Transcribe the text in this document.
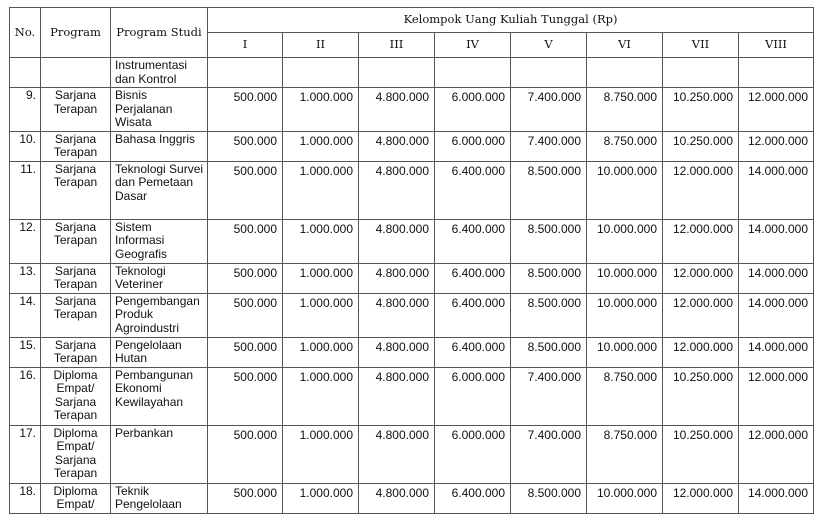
No.	Program	Program Studi	Kelompok Uang Kuliah Tunggal (Rp)							
			I	II	III	IV	V	VI	VII	VIII
		Instrumentasi dan Kontrol								
9.	Sarjana Terapan	Bisnis Perjalanan Wisata	500.000	1.000.000	4.800.000	6.000.000	7.400.000	8.750.000	10.250.000	12.000.000
10.	Sarjana Terapan	Bahasa Inggris	500.000	1.000.000	4.800.000	6.000.000	7.400.000	8.750.000	10.250.000	12.000.000
11.	Sarjana Terapan	Teknologi Survei dan Pemetaan Dasar	500.000	1.000.000	4.800.000	6.400.000	8.500.000	10.000.000	12.000.000	14.000.000
12.	Sarjana Terapan	Sistem Informasi Geografis	500.000	1.000.000	4.800.000	6.400.000	8.500.000	10.000.000	12.000.000	14.000.000
13.	Sarjana Terapan	Teknologi Veteriner	500.000	1.000.000	4.800.000	6.400.000	8.500.000	10.000.000	12.000.000	14.000.000
14.	Sarjana Terapan	Pengembangan Produk Agroindustri	500.000	1.000.000	4.800.000	6.400.000	8.500.000	10.000.000	12.000.000	14.000.000
15.	Sarjana Terapan	Pengelolaan Hutan	500.000	1.000.000	4.800.000	6.400.000	8.500.000	10.000.000	12.000.000	14.000.000
16.	Diploma Empat/ Sarjana Terapan	Pembangunan Ekonomi Kewilayahan	500.000	1.000.000	4.800.000	6.000.000	7.400.000	8.750.000	10.250.000	12.000.000
17.	Diploma Empat/ Sarjana Terapan	Perbankan	500.000	1.000.000	4.800.000	6.000.000	7.400.000	8.750.000	10.250.000	12.000.000
18.	Diploma Empat/	Teknik Pengelolaan	500.000	1.000.000	4.800.000	6.400.000	8.500.000	10.000.000	12.000.000	14.000.000
